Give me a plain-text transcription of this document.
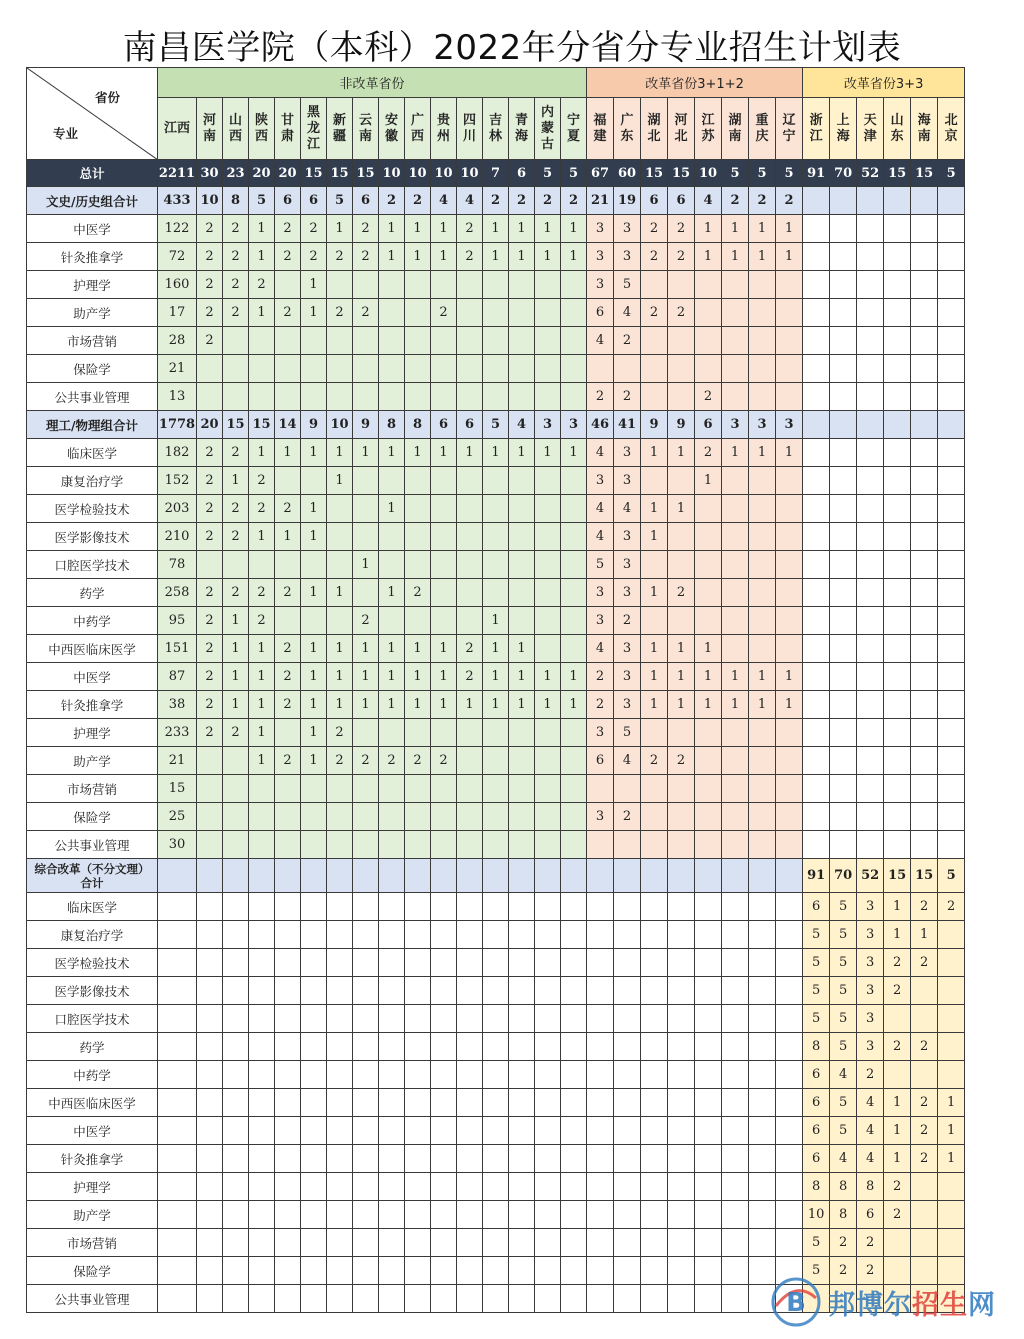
南昌医学院（本科）2022年分省分专业招生计划表
省份
专业	非改革省份																改革省份3+1+2								改革省份3+3					
	江西	河南	山西	陕西	甘肃	黑龙江	新疆	云南	安徽	广西	贵州	四川	吉林	青海	内蒙古	宁夏	福建	广东	湖北	河北	江苏	湖南	重庆	辽宁	浙江	上海	天津	山东	海南	北京
总计	2211	30	23	20	20	15	15	15	10	10	10	10	7	6	5	5	67	60	15	15	10	5	5	5	91	70	52	15	15	5
文史/历史组合计	433	10	8	5	6	6	5	6	2	2	4	4	2	2	2	2	21	19	6	6	4	2	2	2						
中医学	122	2	2	1	2	2	1	2	1	1	1	2	1	1	1	1	3	3	2	2	1	1	1	1						
针灸推拿学	72	2	2	1	2	2	2	2	1	1	1	2	1	1	1	1	3	3	2	2	1	1	1	1						
护理学	160	2	2	2		1											3	5												
助产学	17	2	2	1	2	1	2	2			2						6	4	2	2										
市场营销	28	2															4	2												
保险学	21																													
公共事业管理	13																2	2			2									
理工/物理组合计	1778	20	15	15	14	9	10	9	8	8	6	6	5	4	3	3	46	41	9	9	6	3	3	3						
临床医学	182	2	2	1	1	1	1	1	1	1	1	1	1	1	1	1	4	3	1	1	2	1	1	1						
康复治疗学	152	2	1	2			1										3	3			1									
医学检验技术	203	2	2	2	2	1			1								4	4	1	1										
医学影像技术	210	2	2	1	1	1											4	3	1											
口腔医学技术	78							1									5	3												
药学	258	2	2	2	2	1	1		1	2							3	3	1	2										
中药学	95	2	1	2				2					1				3	2												
中西医临床医学	151	2	1	1	2	1	1	1	1	1	1	2	1	1			4	3	1	1	1									
中医学	87	2	1	1	2	1	1	1	1	1	1	2	1	1	1	1	2	3	1	1	1	1	1	1						
针灸推拿学	38	2	1	1	2	1	1	1	1	1	1	1	1	1	1	1	2	3	1	1	1	1	1	1						
护理学	233	2	2	1		1	2										3	5												
助产学	21			1	2	1	2	2	2	2	2						6	4	2	2										
市场营销	15																													
保险学	25																3	2												
公共事业管理	30																													
综合改革（不分文理）合计																									91	70	52	15	15	5
临床医学																									6	5	3	1	2	2
康复治疗学																									5	5	3	1	1	
医学检验技术																									5	5	3	2	2	
医学影像技术																									5	5	3	2		
口腔医学技术																									5	5	3			
药学																									8	5	3	2	2	
中药学																									6	4	2			
中西医临床医学																									6	5	4	1	2	1
中医学																									6	5	4	1	2	1
针灸推拿学																									6	4	4	1	2	1
护理学																									8	8	8	2		
助产学																									10	8	6	2		
市场营销																									5	2	2			
保险学																									5	2	2			
公共事业管理																															B 邦博尔招生网
